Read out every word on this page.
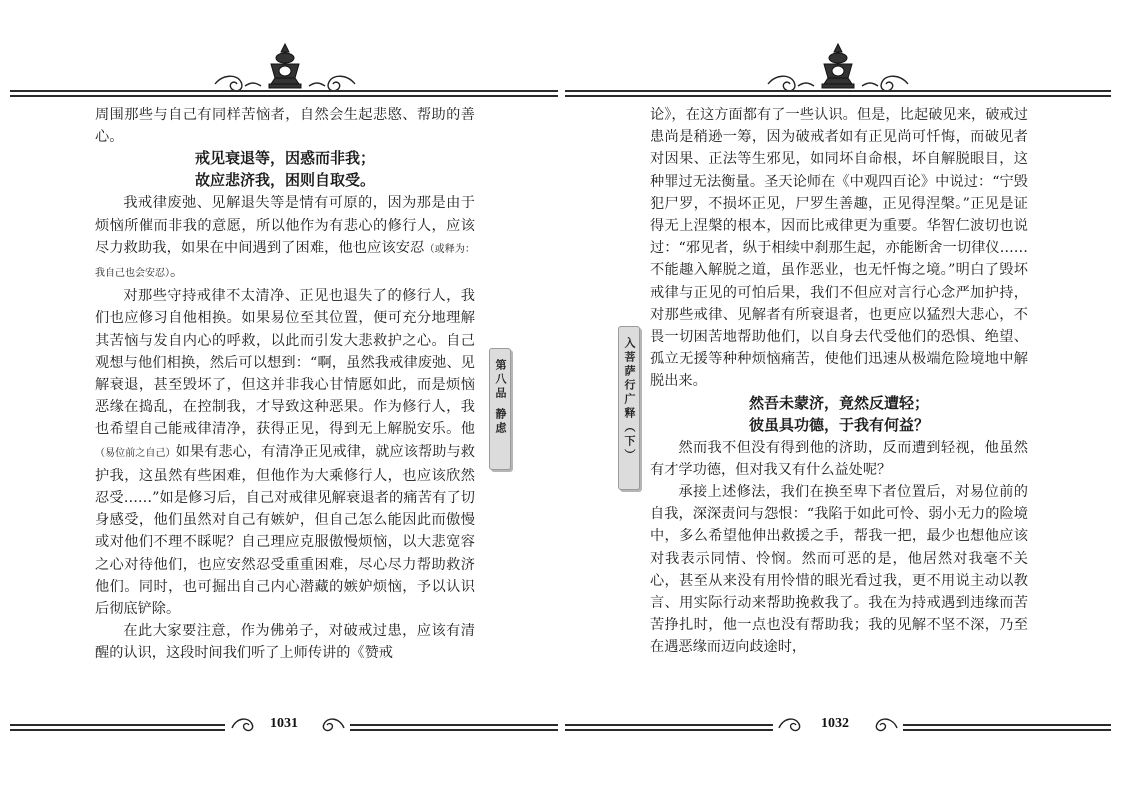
周围那些与自己有同样苦恼者，自然会生起悲愍、帮助的善心。

戒见衰退等，因惑而非我；
故应悲济我，困则自取受。

我戒律废弛、见解退失等是情有可原的，因为那是由于烦恼所催而非我的意愿，所以他作为有悲心的修行人，应该尽力救助我，如果在中间遇到了困难，他也应该安忍（或释为：我自己也会安忍）。

对那些守持戒律不太清净、正见也退失了的修行人，我们也应修习自他相换。如果易位至其位置，便可充分地理解其苦恼与发自内心的呼救，以此而引发大悲救护之心。自己观想与他们相换，然后可以想到：“啊，虽然我戒律废弛、见解衰退，甚至毁坏了，但这并非我心甘情愿如此，而是烦恼恶缘在捣乱，在控制我，才导致这种恶果。作为修行人，我也希望自己能戒律清净，获得正见，得到无上解脱安乐。他（易位前之自己）如果有悲心，有清净正见戒律，就应该帮助与救护我，这虽然有些困难，但他作为大乘修行人，也应该欣然忍受……”如是修习后，自己对戒律见解衰退者的痛苦有了切身感受，他们虽然对自己有嫉妒，但自己怎么能因此而傲慢或对他们不理不睬呢？自己理应克服傲慢烦恼，以大悲宽容之心对待他们，也应安然忍受重重困难，尽心尽力帮助救济他们。同时，也可掘出自己内心潜藏的嫉妒烦恼，予以认识后彻底铲除。

在此大家要注意，作为佛弟子，对破戒过患，应该有清醒的认识，这段时间我们听了上师传讲的《赞戒

第八品 静虑
1031
入菩萨行广释（下）

论》，在这方面都有了一些认识。但是，比起破见来，破戒过患尚是稍逊一筹，因为破戒者如有正见尚可忏悔，而破见者对因果、正法等生邪见，如同坏自命根，坏自解脱眼目，这种罪过无法衡量。圣天论师在《中观四百论》中说过：“宁毁犯尸罗，不损坏正见，尸罗生善趣，正见得涅槃。”正见是证得无上涅槃的根本，因而比戒律更为重要。华智仁波切也说过：“邪见者，纵于相续中刹那生起，亦能断舍一切律仪……不能趣入解脱之道，虽作恶业，也无忏悔之境。”明白了毁坏戒律与正见的可怕后果，我们不但应对言行心念严加护持，对那些戒律、见解者有所衰退者，也更应以猛烈大悲心，不畏一切困苦地帮助他们，以自身去代受他们的恐惧、绝望、孤立无援等种种烦恼痛苦，使他们迅速从极端危险境地中解脱出来。

然吾未蒙济，竟然反遭轻；
彼虽具功德，于我有何益？

然而我不但没有得到他的济助，反而遭到轻视，他虽然有才学功德，但对我又有什么益处呢？

承接上述修法，我们在换至卑下者位置后，对易位前的自我，深深责问与怨恨：“我陷于如此可怜、弱小无力的险境中，多么希望他伸出救援之手，帮我一把，最少也想他应该对我表示同情、怜悯。然而可恶的是，他居然对我毫不关心，甚至从来没有用怜惜的眼光看过我，更不用说主动以教言、用实际行动来帮助挽救我了。我在为持戒遇到违缘而苦苦挣扎时，他一点也没有帮助我；我的见解不坚不深，乃至在遇恶缘而迈向歧途时，

1032
